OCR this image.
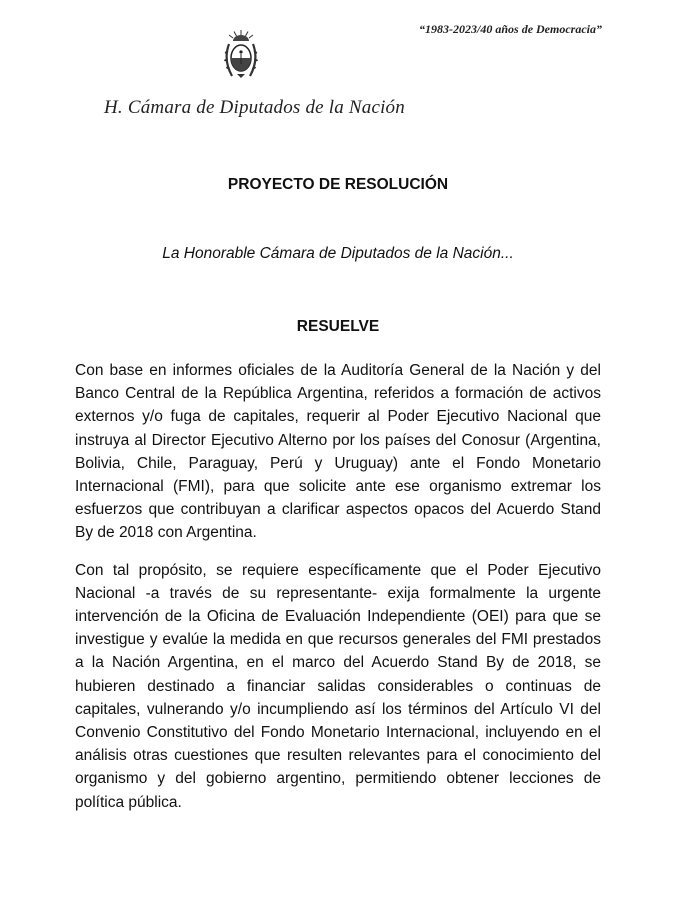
“1983-2023/40 años de Democracia”
H. Cámara de Diputados de la Nación
PROYECTO DE RESOLUCIÓN
La Honorable Cámara de Diputados de la Nación...
RESUELVE

Con base en informes oficiales de la Auditoría General de la Nación y del Banco Central de la República Argentina, referidos a formación de activos externos y/o fuga de capitales, requerir al Poder Ejecutivo Nacional que instruya al Director Ejecutivo Alterno por los países del Conosur (Argentina, Bolivia, Chile, Paraguay, Perú y Uruguay) ante el Fondo Monetario Internacional (FMI), para que solicite ante ese organismo extremar los esfuerzos que contribuyan a clarificar aspectos opacos del Acuerdo Stand By de 2018 con Argentina.

Con tal propósito, se requiere específicamente que el Poder Ejecutivo Nacional -a través de su representante- exija formalmente la urgente intervención de la Oficina de Evaluación Independiente (OEI) para que se investigue y evalúe la medida en que recursos generales del FMI prestados a la Nación Argentina, en el marco del Acuerdo Stand By de 2018, se hubieren destinado a financiar salidas considerables o continuas de capitales, vulnerando y/o incumpliendo así los términos del Artículo VI del Convenio Constitutivo del Fondo Monetario Internacional, incluyendo en el análisis otras cuestiones que resulten relevantes para el conocimiento del organismo y del gobierno argentino, permitiendo obtener lecciones de política pública.
